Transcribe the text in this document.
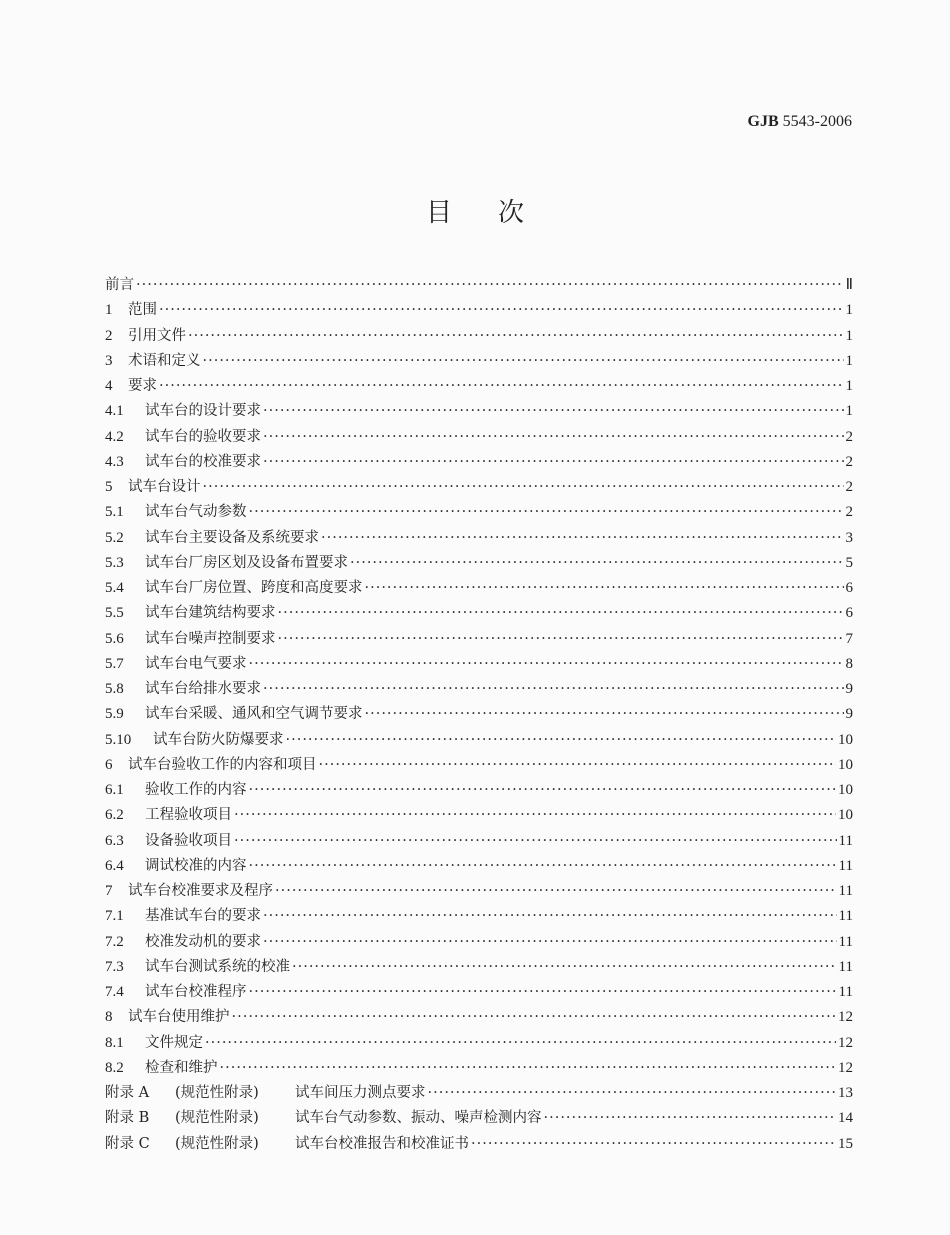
GJB 5543-2006
目次
前言 ·····	Ⅱ
1	范围 ·····	1
2	引用文件 ·····	1
3	术语和定义 ·····	1
4	要求 ·····	1
4.1	试车台的设计要求 ·····	1
4.2	试车台的验收要求 ·····	2
4.3	试车台的校准要求 ·····	2
5	试车台设计 ·····	2
5.1	试车台气动参数 ·····	2
5.2	试车台主要设备及系统要求 ·····	3
5.3	试车台厂房区划及设备布置要求 ·····	5
5.4	试车台厂房位置、跨度和高度要求 ·····	6
5.5	试车台建筑结构要求 ·····	6
5.6	试车台噪声控制要求 ·····	7
5.7	试车台电气要求 ·····	8
5.8	试车台给排水要求 ·····	9
5.9	试车台采暖、通风和空气调节要求 ·····	9
5.10	试车台防火防爆要求 ·····	10
6	试车台验收工作的内容和项目 ·····	10
6.1	验收工作的内容 ·····	10
6.2	工程验收项目 ·····	10
6.3	设备验收项目 ·····	11
6.4	调试校准的内容 ·····	11
7	试车台校准要求及程序 ·····	11
7.1	基准试车台的要求 ·····	11
7.2	校准发动机的要求 ·····	11
7.3	试车台测试系统的校准 ·····	11
7.4	试车台校准程序 ·····	11
8	试车台使用维护 ·····	12
8.1	文件规定 ·····	12
8.2	检查和维护 ·····	12
附录 A	(规范性附录)	试车间压力测点要求 ·····	13
附录 B	(规范性附录)	试车台气动参数、振动、噪声检测内容 ·····	14
附录 C	(规范性附录)	试车台校准报告和校准证书 ·····	15
